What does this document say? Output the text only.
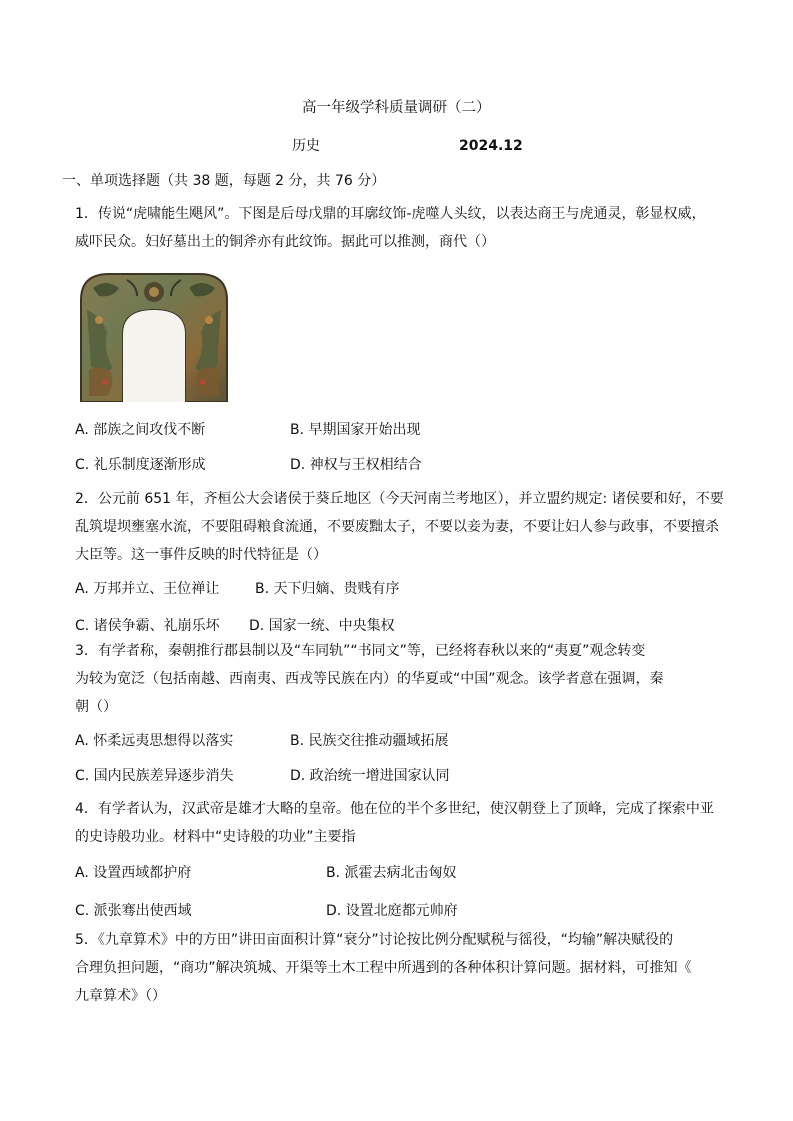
高一年级学科质量调研（二）
历史	2024.12
一、单项选择题（共 38 题，每题 2 分，共 76 分）
1．传说“虎啸能生飓风”。下图是后母戊鼎的耳廓纹饰-虎噬人头纹，以表达商王与虎通灵，彰显权威，
威吓民众。妇好墓出土的铜斧亦有此纹饰。据此可以推测，商代（）
A. 部族之间攻伐不断	B. 早期国家开始出现
C. 礼乐制度逐渐形成	D. 神权与王权相结合
2．公元前 651 年，齐桓公大会诸侯于葵丘地区（今天河南兰考地区），并立盟约规定: 诸侯要和好，不要
乱筑堤坝壅塞水流，不要阻碍粮食流通，不要废黜太子，不要以妾为妻，不要让妇人参与政事，不要擅杀
大臣等。这一事件反映的时代特征是（）
A. 万邦并立、王位禅让	B. 天下归嫡、贵贱有序
C. 诸侯争霸、礼崩乐坏 D. 国家一统、中央集权
3．有学者称，秦朝推行郡县制以及“车同轨”“书同文”等，已经将春秋以来的“夷夏”观念转变
为较为宽泛（包括南越、西南夷、西戎等民族在内）的华夏或“中国”观念。该学者意在强调，秦
朝（）
A. 怀柔远夷思想得以落实	B. 民族交往推动疆域拓展
C. 国内民族差异逐步消失	D. 政治统一增进国家认同
4．有学者认为，汉武帝是雄才大略的皇帝。他在位的半个多世纪，使汉朝登上了顶峰，完成了探索中亚
的史诗般功业。材料中“史诗般的功业”主要指
A. 设置西域都护府	B. 派霍去病北击匈奴
C. 派张骞出使西域	D. 设置北庭都元帅府
5．《九章算术》中的方田”讲田亩面积计算“衰分”讨论按比例分配赋税与徭役，“均输”解决赋役的
合理负担问题，“商功”解决筑城、开渠等土木工程中所遇到的各种体积计算问题。据材料，可推知《
九章算术》（）
